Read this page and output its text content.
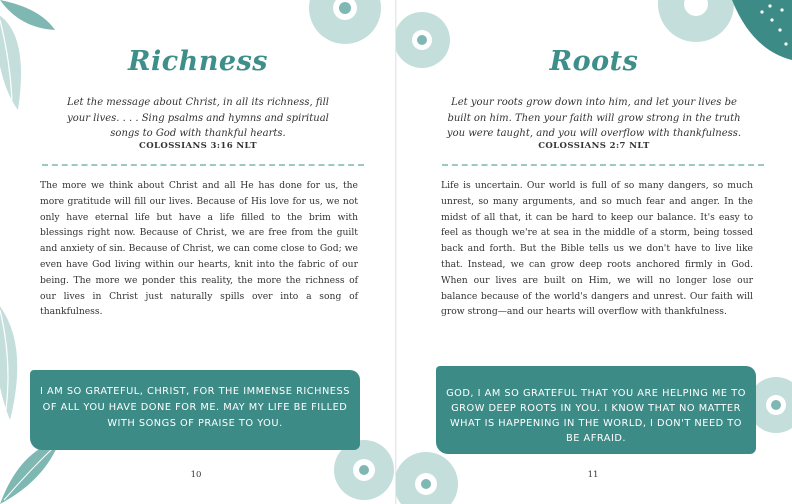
Richness
Let the message about Christ, in all its richness, fill your lives. . . . Sing psalms and hymns and spiritual songs to God with thankful hearts.
COLOSSIANS 3:16 NLT
The more we think about Christ and all He has done for us, the more gratitude will fill our lives. Because of His love for us, we not only have eternal life but have a life filled to the brim with blessings right now. Because of Christ, we are free from the guilt and anxiety of sin. Because of Christ, we can come close to God; we even have God living within our hearts, knit into the fabric of our being. The more we ponder this reality, the more the richness of our lives in Christ just naturally spills over into a song of thankfulness.
I AM SO GRATEFUL, CHRIST, FOR THE IMMENSE RICHNESS OF ALL YOU HAVE DONE FOR ME. MAY MY LIFE BE FILLED WITH SONGS OF PRAISE TO YOU.
10
Roots
Let your roots grow down into him, and let your lives be built on him. Then your faith will grow strong in the truth you were taught, and you will overflow with thankfulness.
COLOSSIANS 2:7 NLT
Life is uncertain. Our world is full of so many dangers, so much unrest, so many arguments, and so much fear and anger. In the midst of all that, it can be hard to keep our balance. It's easy to feel as though we're at sea in the middle of a storm, being tossed back and forth. But the Bible tells us we don't have to live like that. Instead, we can grow deep roots anchored firmly in God. When our lives are built on Him, we will no longer lose our balance because of the world's dangers and unrest. Our faith will grow strong—and our hearts will overflow with thankfulness.
GOD, I AM SO GRATEFUL THAT YOU ARE HELPING ME TO GROW DEEP ROOTS IN YOU. I KNOW THAT NO MATTER WHAT IS HAPPENING IN THE WORLD, I DON'T NEED TO BE AFRAID.
11
